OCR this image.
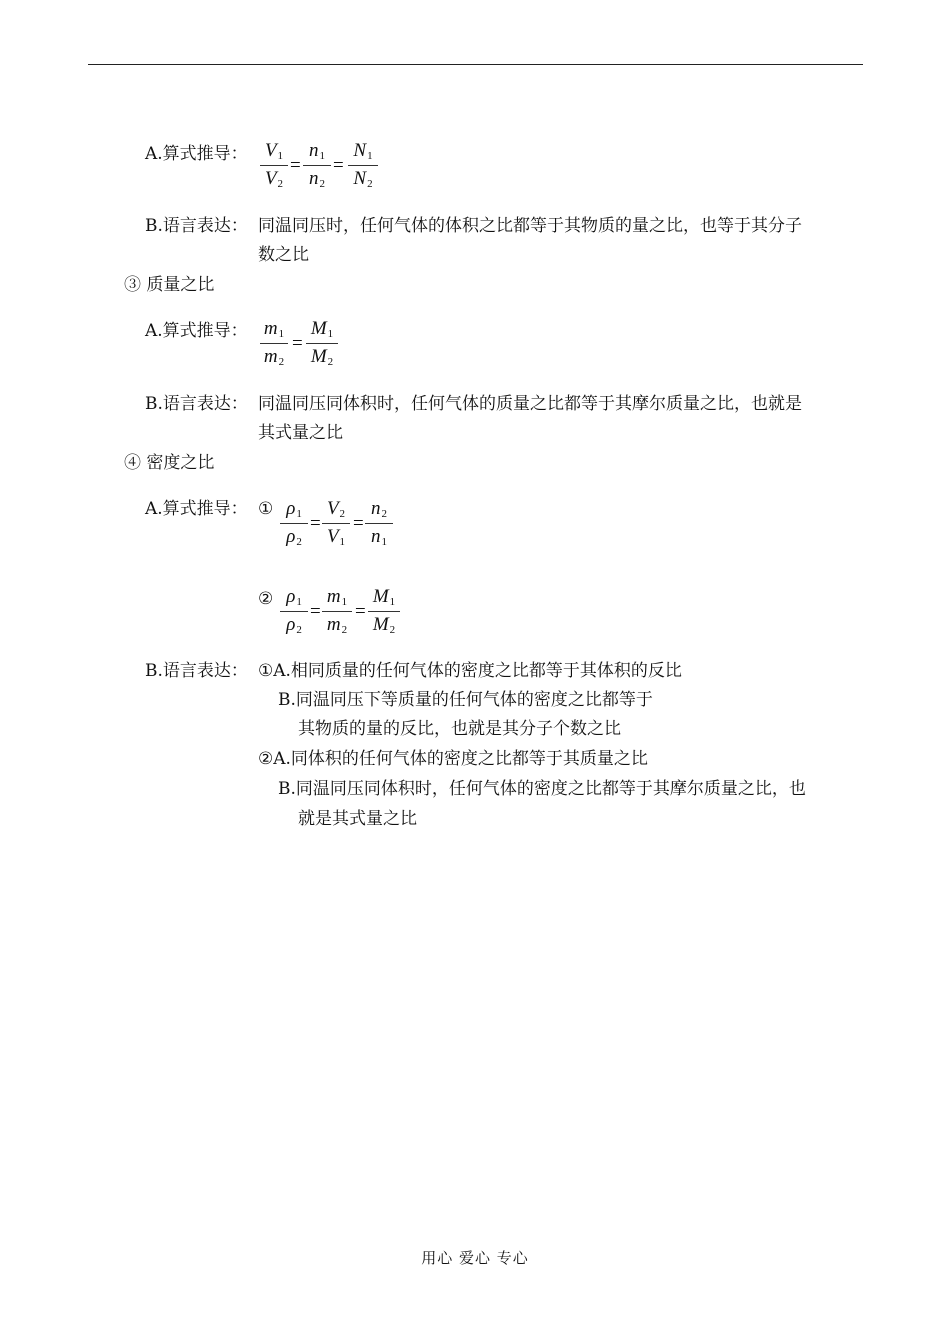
A.算式推导： $V_1$
$V_2$
=
$n_1$
$n_2$
=
$N_1$
$N_2$
B.语言表达： 同温同压时，任何气体的体积之比都等于其物质的量之比，也等于其分子
数之比
③ 质量之比
A.算式推导： $m_1$
$m_2$
=
$M_1$
$M_2$
B.语言表达： 同温同压同体积时，任何气体的质量之比都等于其摩尔质量之比，也就是
其式量之比
④ 密度之比
A.算式推导： ① $\rho_1$
$\rho_2$
=
$V_2$
$V_1$
=
$n_2$
$n_1$
② $\rho_1$
$\rho_2$
=
$m_1$
$m_2$
=
$M_1$
$M_2$
B.语言表达： ①A.相同质量的任何气体的密度之比都等于其体积的反比
B.同温同压下等质量的任何气体的密度之比都等于
其物质的量的反比，也就是其分子个数之比
②A.同体积的任何气体的密度之比都等于其质量之比
B.同温同压同体积时，任何气体的密度之比都等于其摩尔质量之比，也
就是其式量之比
用心 爱心 专心
